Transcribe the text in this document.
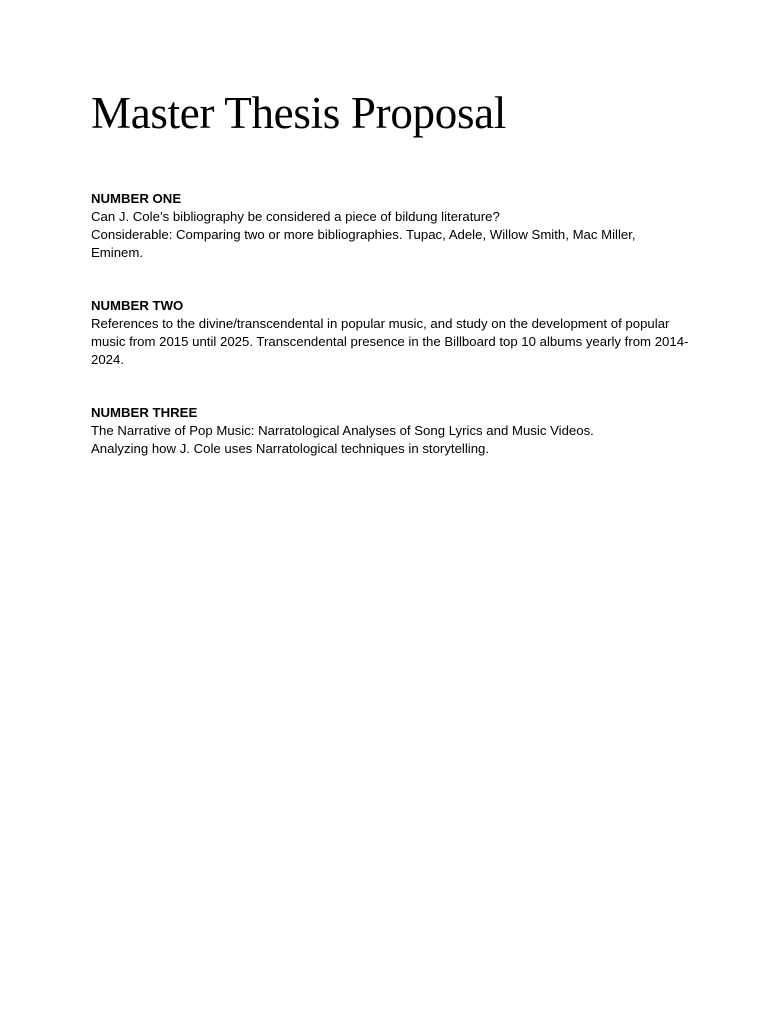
Master Thesis Proposal

NUMBER ONE

Can J. Cole’s bibliography be considered a piece of bildung literature?

Considerable: Comparing two or more bibliographies. Tupac, Adele, Willow Smith, Mac Miller, Eminem.

NUMBER TWO

References to the divine/transcendental in popular music, and study on the development of popular music from 2015 until 2025. Transcendental presence in the Billboard top 10 albums yearly from 2014-2024.

NUMBER THREE

The Narrative of Pop Music: Narratological Analyses of Song Lyrics and Music Videos.

Analyzing how J. Cole uses Narratological techniques in storytelling.
